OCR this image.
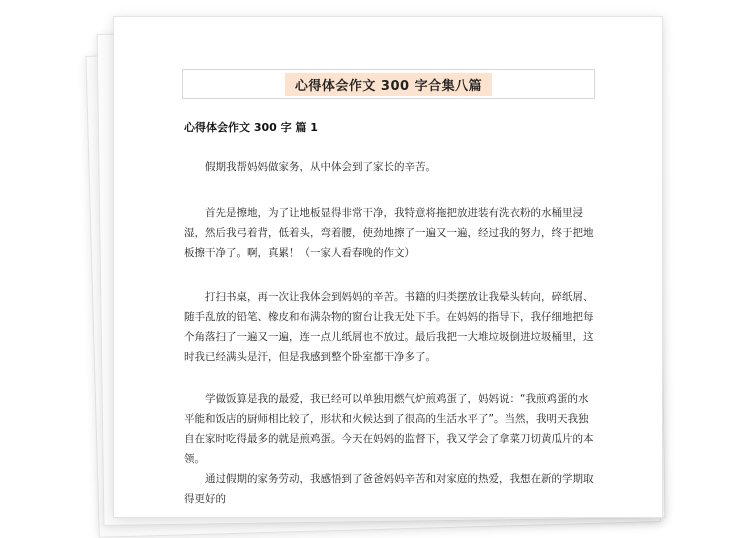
心得体会作文 300 字合集八篇
心得体会作文 300 字 篇 1

假期我帮妈妈做家务，从中体会到了家长的辛苦。

首先是擦地，为了让地板显得非常干净，我特意将拖把放进装有洗衣粉的水桶里浸湿，然后我弓着背，低着头，弯着腰，使劲地擦了一遍又一遍，经过我的努力，终于把地板擦干净了。啊，真累！（一家人看春晚的作文）

打扫书桌，再一次让我体会到妈妈的辛苦。书籍的归类摆放让我晕头转向，碎纸屑、随手乱放的铅笔、橡皮和布满杂物的窗台让我无处下手。在妈妈的指导下，我仔细地把每个角落扫了一遍又一遍，连一点儿纸屑也不放过。最后我把一大堆垃圾倒进垃圾桶里，这时我已经满头是汗，但是我感到整个卧室都干净多了。

学做饭算是我的最爱，我已经可以单独用燃气炉煎鸡蛋了，妈妈说：“我煎鸡蛋的水平能和饭店的厨师相比较了，形状和火候达到了很高的生活水平了”。当然，我明天我独自在家时吃得最多的就是煎鸡蛋。今天在妈妈的监督下，我又学会了拿菜刀切黄瓜片的本领。

通过假期的家务劳动，我感悟到了爸爸妈妈辛苦和对家庭的热爱，我想在新的学期取得更好的
